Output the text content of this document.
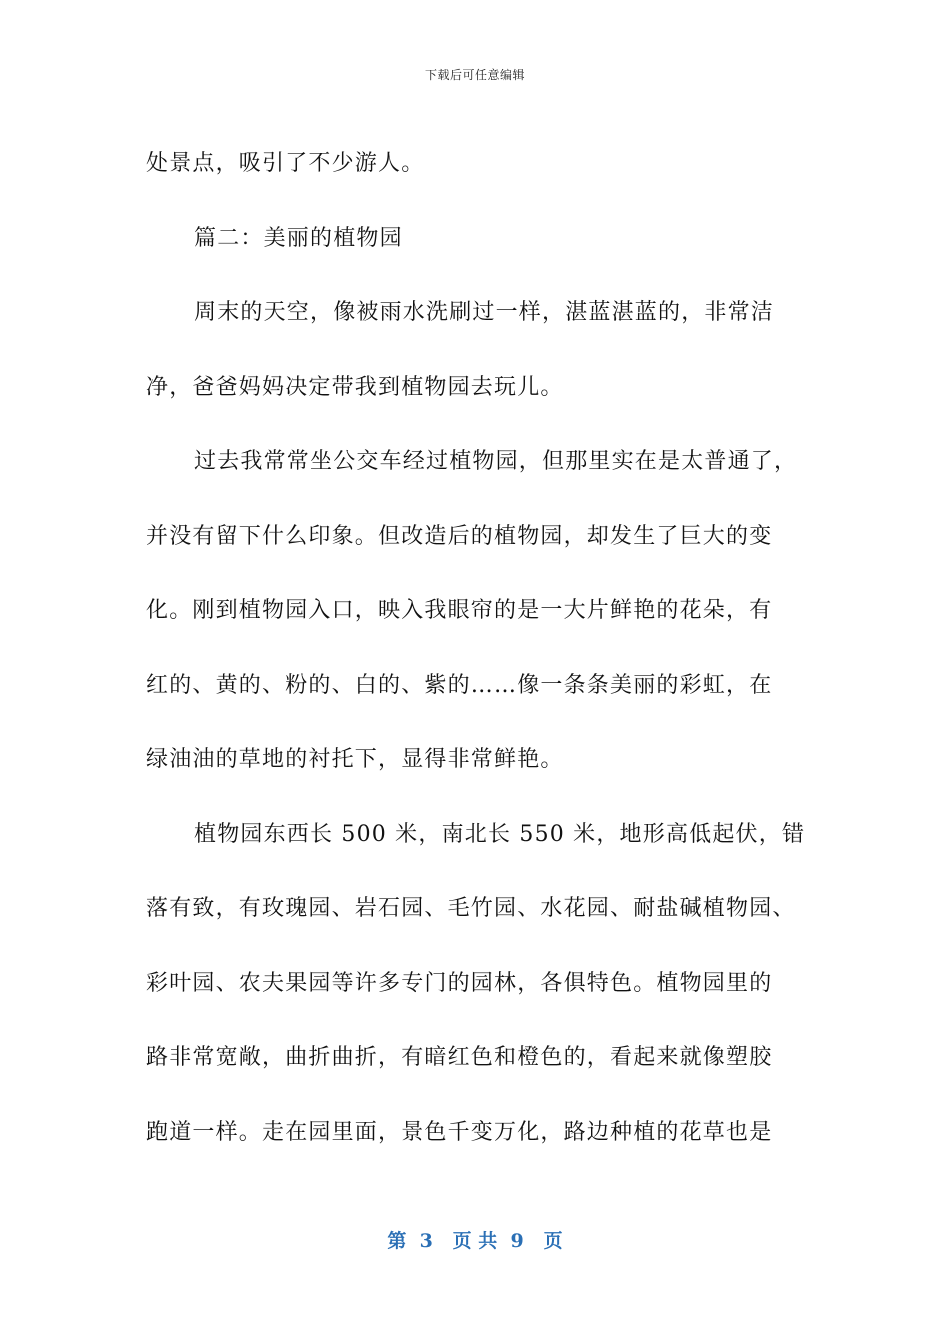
下载后可任意编辑
处景点，吸引了不少游人。
篇二：美丽的植物园
周末的天空，像被雨水洗刷过一样，湛蓝湛蓝的，非常洁
净，爸爸妈妈决定带我到植物园去玩儿。
过去我常常坐公交车经过植物园，但那里实在是太普通了，
并没有留下什么印象。但改造后的植物园，却发生了巨大的变
化。刚到植物园入口，映入我眼帘的是一大片鲜艳的花朵，有
红的、黄的、粉的、白的、紫的……像一条条美丽的彩虹，在
绿油油的草地的衬托下，显得非常鲜艳。
植物园东西长 500 米，南北长 550 米，地形高低起伏，错
落有致，有玫瑰园、岩石园、毛竹园、水花园、耐盐碱植物园、
彩叶园、农夫果园等许多专门的园林，各俱特色。植物园里的
路非常宽敞，曲折曲折，有暗红色和橙色的，看起来就像塑胶
跑道一样。走在园里面，景色千变万化，路边种植的花草也是
第  3   页 共  9   页
